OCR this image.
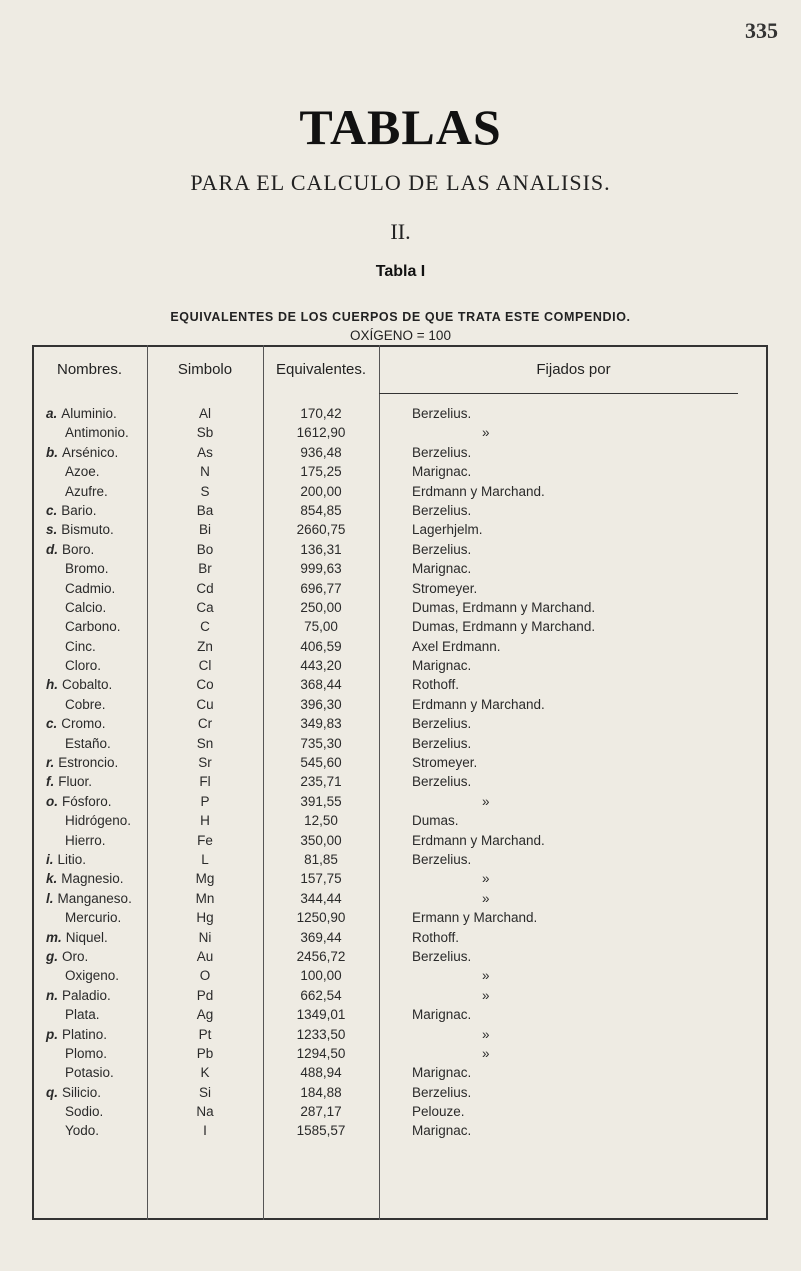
335
TABLAS
PARA EL CALCULO DE LAS ANALISIS.
II.
Tabla I
EQUIVALENTES DE LOS CUERPOS DE QUE TRATA ESTE COMPENDIO.
OXÍGENO = 100
Nombres.	Simbolo	Equivalentes.	Fijados por
a. Aluminio.	Al	170,42	Berzelius.
Antimonio.	Sb	1612,90	»
b. Arsénico.	As	936,48	Berzelius.
Azoe.	N	175,25	Marignac.
Azufre.	S	200,00	Erdmann y Marchand.
c. Bario.	Ba	854,85	Berzelius.
s. Bismuto.	Bi	2660,75	Lagerhjelm.
d. Boro.	Bo	136,31	Berzelius.
Bromo.	Br	999,63	Marignac.
Cadmio.	Cd	696,77	Stromeyer.
Calcio.	Ca	250,00	Dumas, Erdmann y Marchand.
Carbono.	C	75,00	Dumas, Erdmann y Marchand.
Cinc.	Zn	406,59	Axel Erdmann.
Cloro.	Cl	443,20	Marignac.
h. Cobalto.	Co	368,44	Rothoff.
Cobre.	Cu	396,30	Erdmann y Marchand.
c. Cromo.	Cr	349,83	Berzelius.
Estaño.	Sn	735,30	Berzelius.
r. Estroncio.	Sr	545,60	Stromeyer.
f. Fluor.	Fl	235,71	Berzelius.
o. Fósforo.	P	391,55	»
Hidrógeno.	H	12,50	Dumas.
Hierro.	Fe	350,00	Erdmann y Marchand.
i. Litio.	L	81,85	Berzelius.
k. Magnesio.	Mg	157,75	»
l. Manganeso.	Mn	344,44	»
Mercurio.	Hg	1250,90	Ermann y Marchand.
m. Niquel.	Ni	369,44	Rothoff.
g. Oro.	Au	2456,72	Berzelius.
Oxigeno.	O	100,00	»
n. Paladio.	Pd	662,54	»
Plata.	Ag	1349,01	Marignac.
p. Platino.	Pt	1233,50	»
Plomo.	Pb	1294,50	»
Potasio.	K	488,94	Marignac.
q. Silicio.	Si	184,88	Berzelius.
Sodio.	Na	287,17	Pelouze.
Yodo.	I	1585,57	Marignac.
